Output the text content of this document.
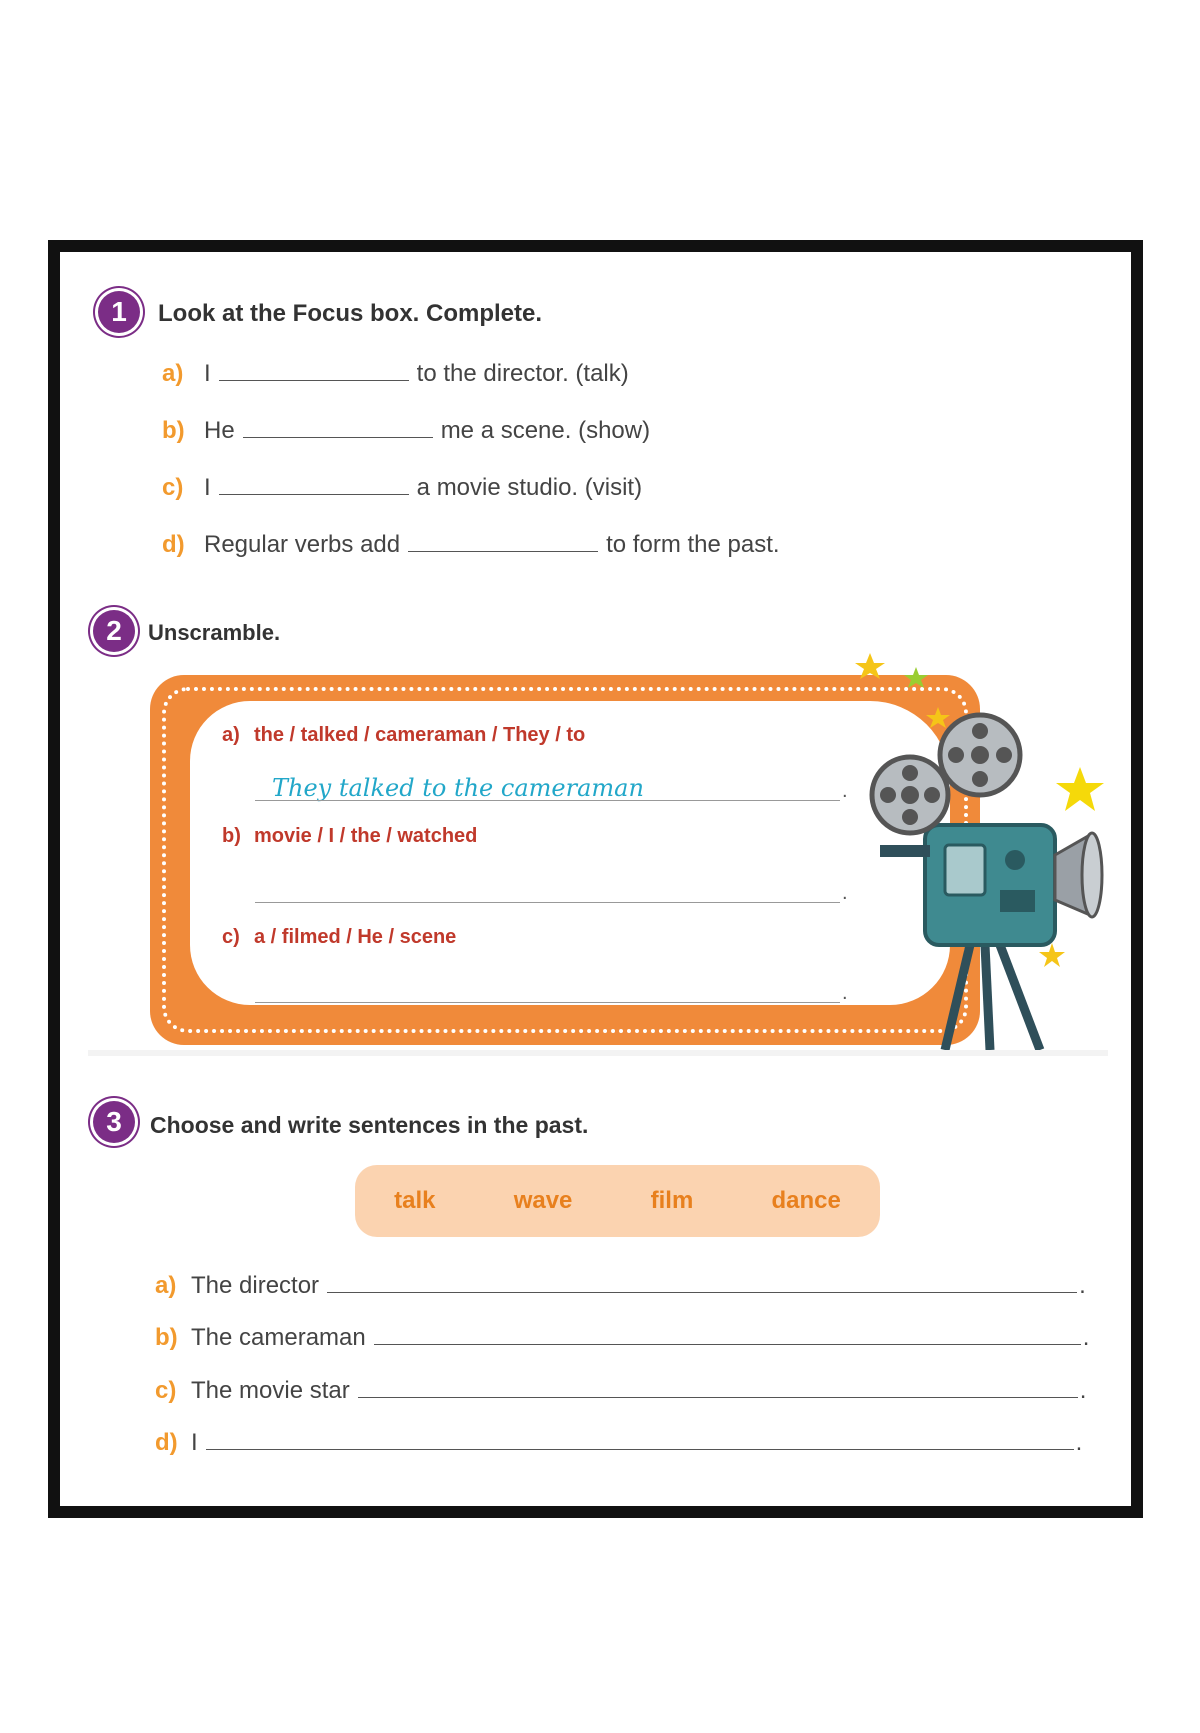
1	Look at the Focus box. Complete.
a) I	to the director. (talk)
b) He	me a scene. (show)
c) I	a movie studio. (visit)
d) Regular verbs add	to form the past.
2	Unscramble.
a) the / talked / cameraman / They / to
They talked to the cameraman	.
b) movie / I / the / watched
.
c) a / filmed / He / scene
.
3	Choose and write sentences in the past.
talk	wave	film	dance
a) The director	.
b) The cameraman	.
c) The movie star	.
d) I	.
